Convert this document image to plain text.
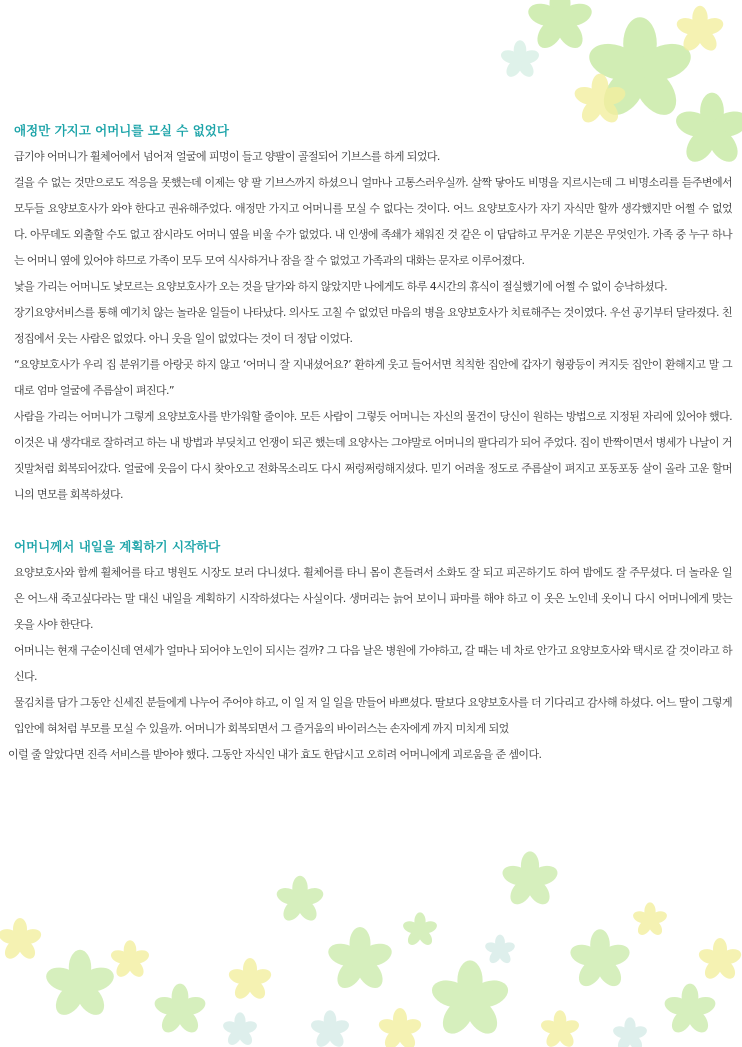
애정만 가지고 어머니를 모실 수 없었다
급기야 어머니가 휠체어에서 넘어져 얼굴에 피멍이 들고 양팔이 골절되어 기브스를 하게 되었다.
걸을 수 없는 것만으로도 적응을 못했는데 이제는 양 팔 기브스까지 하셨으니 얼마나 고통스러우실까. 살짝 닿아도 비명을 지르시는데 그 비명소리를 듣주변에서 모두들 요양보호사가 와야 한다고 권유해주었다. 애정만 가지고 어머니를 모실 수 없다는 것이다. 어느 요양보호사가 자기 자식만 할까 생각했지만 어쩔 수 없었다. 아무데도 외출할 수도 없고 잠시라도 어머니 옆을 비울 수가 없었다. 내 인생에 족쇄가 채워진 것 같은 이 답답하고 무거운 기분은 무엇인가. 가족 중 누구 하나는 어머니 옆에 있어야 하므로 가족이 모두 모여 식사하거나 잠을 잘 수 없었고 가족과의 대화는 문자로 이루어졌다.
낯을 가리는 어머니도 낯모르는 요양보호사가 오는 것을 달가와 하지 않았지만 나에게도 하루 4시간의 휴식이 절실했기에 어쩔 수 없이 승낙하셨다.
장기요양서비스를 통해 예기치 않는 놀라운 일들이 나타났다. 의사도 고칠 수 없었던 마음의 병을 요양보호사가 치료해주는 것이였다. 우선 공기부터 달라졌다. 친정집에서 웃는 사람은 없었다. 아니 웃을 일이 없었다는 것이 더 정답 이었다.
“요양보호사가 우리 집 분위기를 아랑곳 하지 않고 ‘어머니 잘 지내셨어요?’ 환하게 웃고 들어서면 칙칙한 집안에 갑자기 형광등이 켜지듯 집안이 환해지고 말 그대로 엄마 얼굴에 주름살이 펴진다.”
사람을 가리는 어머니가 그렇게 요양보호사를 반가워할 줄이야. 모든 사람이 그렇듯 어머니는 자신의 물건이 당신이 원하는 방법으로 지정된 자리에 있어야 했다. 이것은 내 생각대로 잘하려고 하는 내 방법과 부딪치고 언쟁이 되곤 했는데 요양사는 그야말로 어머니의 팔다리가 되어 주었다. 집이 반짝이면서 병세가 나날이 거짓말처럼 회복되어갔다. 얼굴에 웃음이 다시 찾아오고 전화목소리도 다시 쩌렁쩌렁해지셨다. 믿기 어려울 정도로 주름살이 펴지고 포동포동 살이 올라 고운 할머니의 면모를 회복하셨다.
어머니께서 내일을 계획하기 시작하다
요양보호사와 함께 휠체어를 타고 병원도 시장도 보러 다니셨다. 휠체어를 타니 몸이 흔들려서 소화도 잘 되고 피곤하기도 하여 밤에도 잘 주무셨다. 더 놀라운 일은 어느새 죽고싶다라는 말 대신 내일을 계획하기 시작하셨다는 사실이다. 생머리는 늙어 보이니 파마를 해야 하고 이 옷은 노인네 옷이니 다시 어머니에게 맞는 옷을 사야 한단다.
어머니는 현재 구순이신데 연세가 얼마나 되어야 노인이 되시는 걸까? 그 다음 날은 병원에 가야하고, 갈 때는 네 차로 안가고 요양보호사와 택시로 갈 것이라고 하신다.
물김치를 담가 그동안 신세진 분들에게 나누어 주어야 하고, 이 일 저 일 일을 만들어 바쁘셨다. 딸보다 요양보호사를 더 기다리고 감사해 하셨다. 어느 딸이 그렇게 입안에 혀처럼 부모를 모실 수 있을까. 어머니가 회복되면서 그 즐거움의 바이러스는 손자에게 까지 미치게 되었
이럴 줄 알았다면 진즉 서비스를 받아야 했다. 그동안 자식인 내가 효도 한답시고 오히려 어머니에게 괴로움을 준 셈이다.
